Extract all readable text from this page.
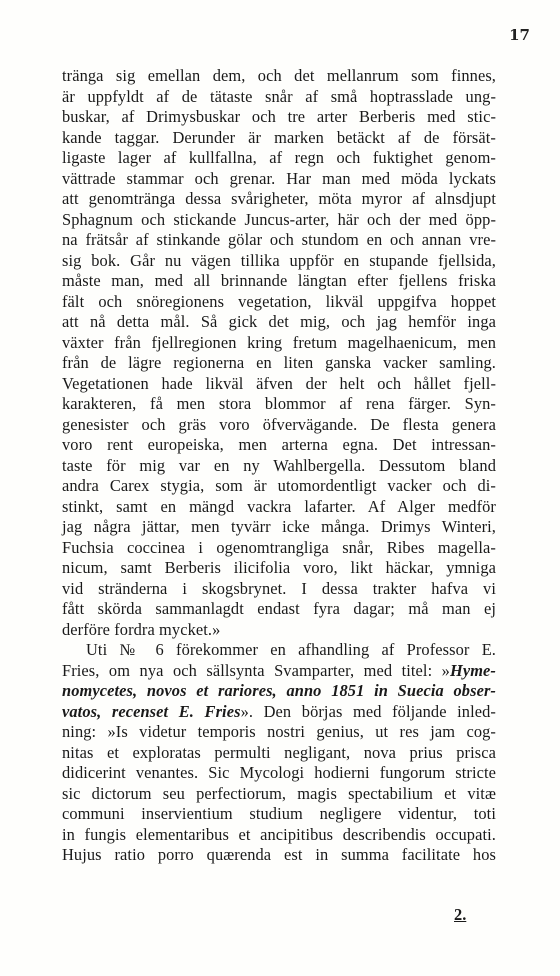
17
tränga sig emellan dem, och det mellanrum som finnes,
är uppfyldt af de tätaste snår af små hoptrasslade ung-
buskar, af Drimysbuskar och tre arter Berberis med stic-
kande taggar. Derunder är marken betäckt af de försät-
ligaste lager af kullfallna, af regn och fuktighet genom-
vättrade stammar och grenar. Har man med möda lyckats
att genomtränga dessa svårigheter, möta myror af alnsdjupt
Sphagnum och stickande Juncus-arter, här och der med öpp-
na frätsår af stinkande gölar och stundom en och annan vre-
sig bok. Går nu vägen tillika uppför en stupande fjellsida,
måste man, med all brinnande längtan efter fjellens friska
fält och snöregionens vegetation, likväl uppgifva hoppet
att nå detta mål. Så gick det mig, och jag hemför inga
växter från fjellregionen kring fretum magelhaenicum, men
från de lägre regionerna en liten ganska vacker samling.
Vegetationen hade likväl äfven der helt och hållet fjell-
karakteren, få men stora blommor af rena färger. Syn-
genesister och gräs voro öfvervägande. De flesta genera
voro rent europeiska, men arterna egna. Det intressan-
taste för mig var en ny Wahlbergella. Dessutom bland
andra Carex stygia, som är utomordentligt vacker och di-
stinkt, samt en mängd vackra lafarter. Af Alger medför
jag några jättar, men tyvärr icke många. Drimys Winteri,
Fuchsia coccinea i ogenomtrangliga snår, Ribes magella-
nicum, samt Berberis ilicifolia voro, likt häckar, ymniga
vid stränderna i skogsbrynet. I dessa trakter hafva vi
fått skörda sammanlagdt endast fyra dagar; må man ej
derföre fordra mycket.»
Uti № 6 förekommer en afhandling af Professor E.
Fries, om nya och sällsynta Svamparter, med titel: »Hyme-
nomycetes, novos et rariores, anno 1851 in Suecia obser-
vatos, recenset E. Fries». Den börjas med följande inled-
ning: »Is videtur temporis nostri genius, ut res jam cog-
nitas et exploratas permulti negligant, nova prius prisca
didicerint venantes. Sic Mycologi hodierni fungorum stricte
sic dictorum seu perfectiorum, magis spectabilium et vitæ
communi inservientium studium negligere videntur, toti
in fungis elementaribus et ancipitibus describendis occupati.
Hujus ratio porro quærenda est in summa facilitate hos
2.
